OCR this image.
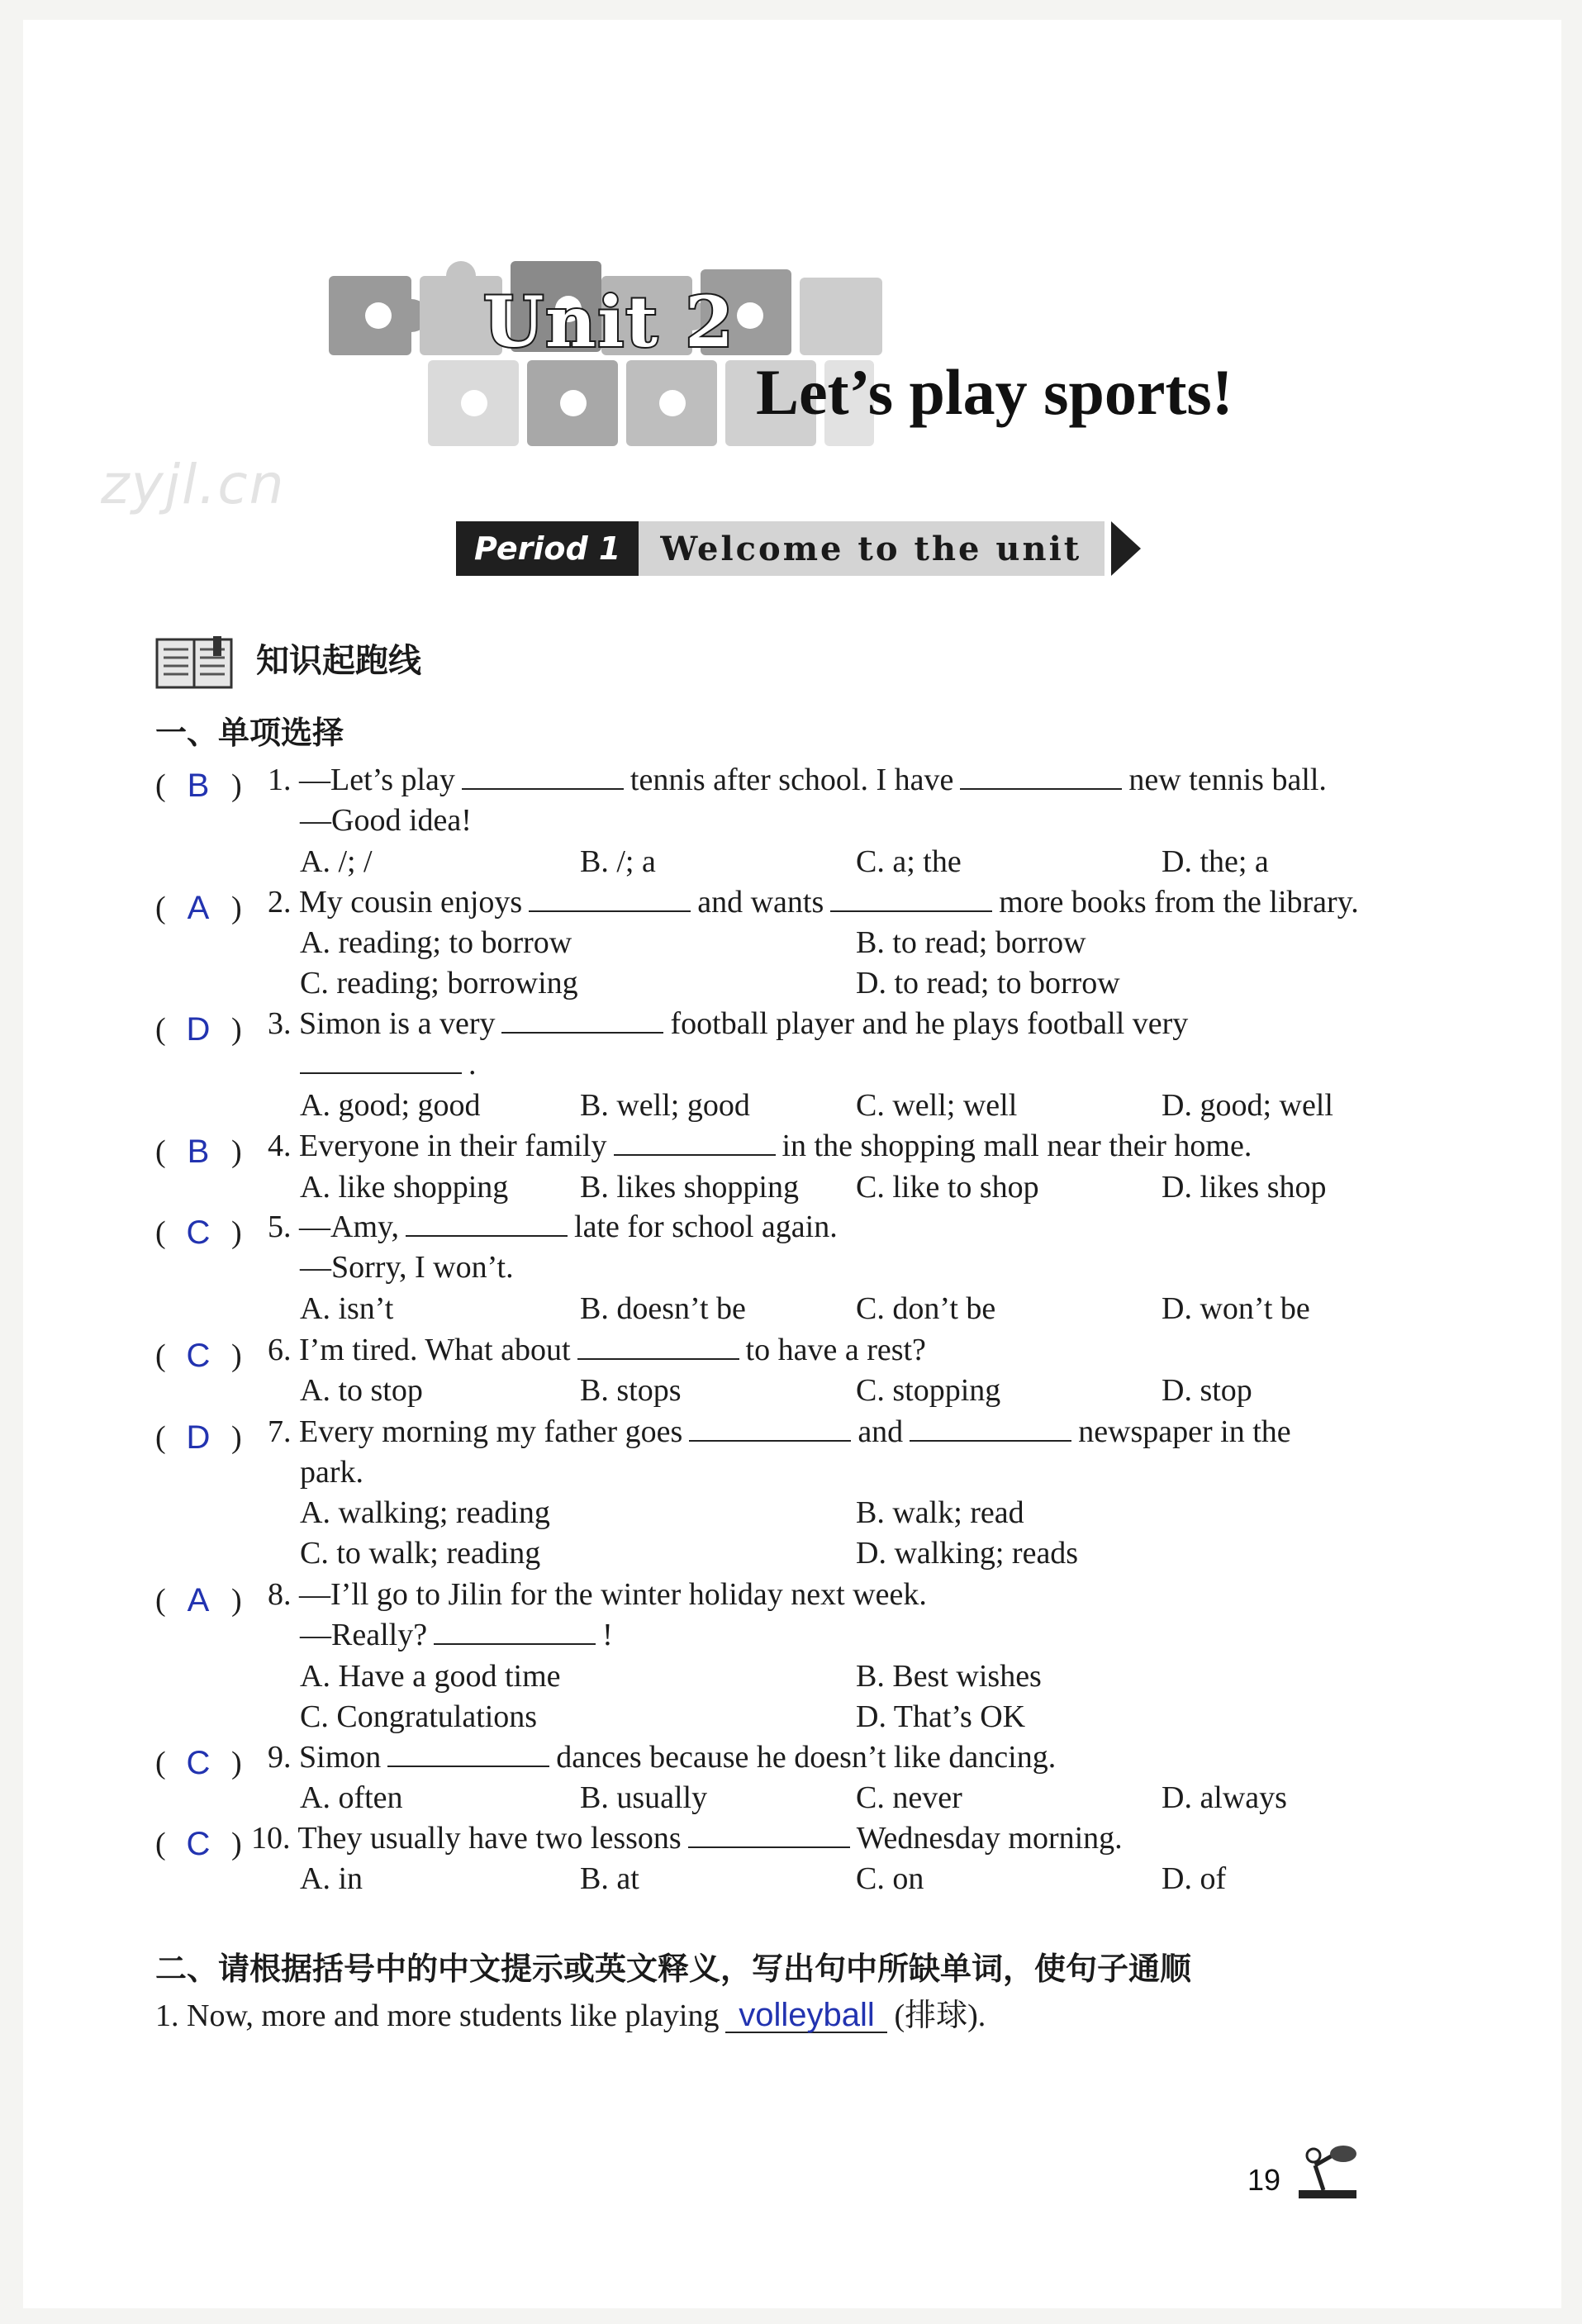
zyjl.cn
Unit 2
Let’s play sports!
Period 1	Welcome to the unit
知识起跑线
一、单项选择
( B ) 1. —Let’s play	tennis after school. I have	new tennis ball.
—Good idea!
A. /; /	B. /; a	C. a; the	D. the; a
( A ) 2. My cousin enjoys	and wants	more books from the library.
A. reading; to borrow	B. to read; borrow
C. reading; borrowing	D. to read; to borrow
( D ) 3. Simon is a very	football player and he plays football very
.
A. good; good	B. well; good	C. well; well	D. good; well
( B ) 4. Everyone in their family	in the shopping mall near their home.
A. like shopping B. likes shopping C. like to shop	D. likes shop
( C ) 5. —Amy,	late for school again.
—Sorry, I won’t.
A. isn’t	B. doesn’t be	C. don’t be	D. won’t be
( C ) 6. I’m tired. What about	to have a rest?
A. to stop	B. stops	C. stopping	D. stop
( D ) 7. Every morning my father goes	and	newspaper in the
park.
A. walking; reading	B. walk; read
C. to walk; reading	D. walking; reads
( A ) 8. —I’ll go to Jilin for the winter holiday next week.
—Really?	!
A. Have a good time	B. Best wishes
C. Congratulations	D. That’s OK
( C ) 9. Simon	dances because he doesn’t like dancing.
A. often	B. usually	C. never	D. always
( C ) 10. They usually have two lessons	Wednesday morning.
A. in	B. at	C. on	D. of
二、请根据括号中的中文提示或英文释义，写出句中所缺单词，使句子通顺
1. Now, more and more students like playing volleyball (排球).
19
